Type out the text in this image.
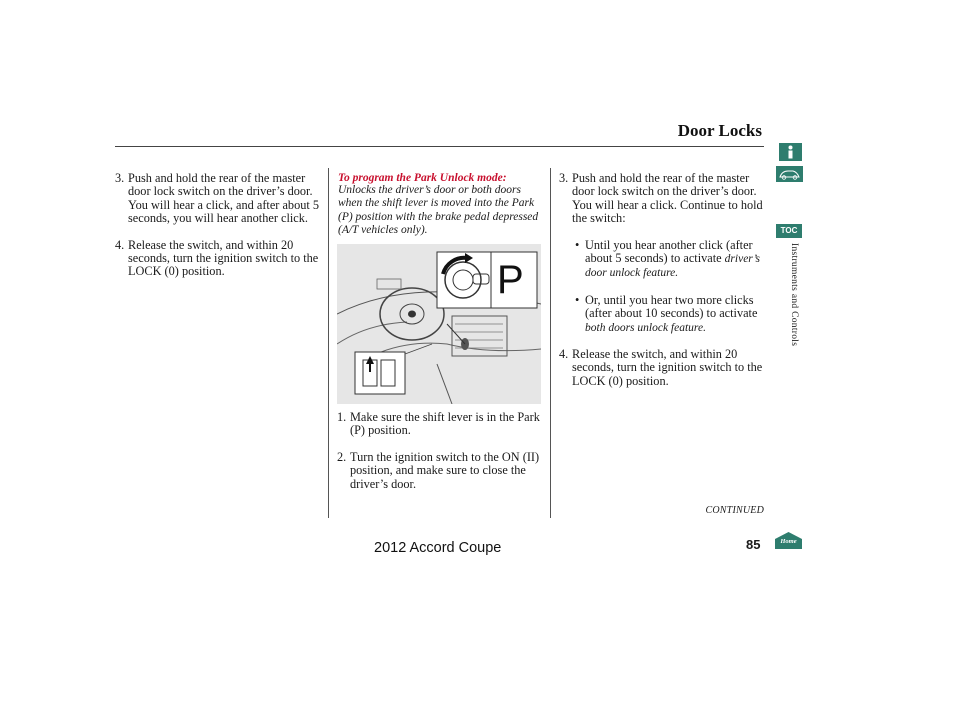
Door Locks
3. Push and hold the rear of the master door lock switch on the driver’s door. You will hear a click, and after about 5 seconds, you will hear another click.
4. Release the switch, and within 20 seconds, turn the ignition switch to the LOCK (0) position.
To program the Park Unlock mode:
Unlocks the driver’s door or both doors when the shift lever is moved into the Park (P) position with the brake pedal depressed (A/T vehicles only).
P
1. Make sure the shift lever is in the Park (P) position.
2. Turn the ignition switch to the ON (II) position, and make sure to close the driver’s door.
3. Push and hold the rear of the master door lock switch on the driver’s door. You will hear a click. Continue to hold the switch:
• Until you hear another click (after about 5 seconds) to activate driver’s door unlock feature.
• Or, until you hear two more clicks (after about 10 seconds) to activate both doors unlock feature.
4. Release the switch, and within 20 seconds, turn the ignition switch to the LOCK (0) position.
CONTINUED
TOC
Instruments and Controls
Home
2012 Accord Coupe	85
